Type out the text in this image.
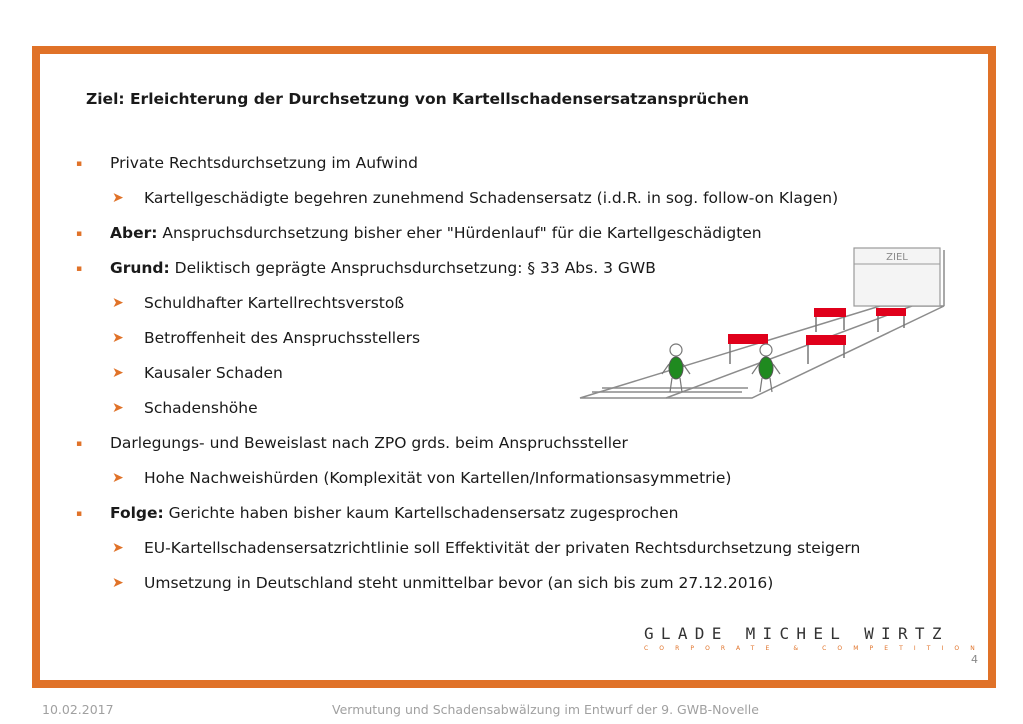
Ziel: Erleichterung der Durchsetzung von Kartellschadensersatzansprüchen
▪ Private Rechtsdurchsetzung im Aufwind
➤ Kartellgeschädigte begehren zunehmend Schadensersatz (i.d.R. in sog. follow-on Klagen)
▪ Aber: Anspruchsdurchsetzung bisher eher "Hürdenlauf" für die Kartellgeschädigten
▪ Grund: Deliktisch geprägte Anspruchsdurchsetzung: § 33 Abs. 3 GWB
➤ Schuldhafter Kartellrechtsverstoß
➤ Betroffenheit des Anspruchsstellers
➤ Kausaler Schaden
➤ Schadenshöhe
▪ Darlegungs- und Beweislast nach ZPO grds. beim Anspruchssteller
➤ Hohe Nachweishürden (Komplexität von Kartellen/Informationsasymmetrie)
▪ Folge: Gerichte haben bisher kaum Kartellschadensersatz zugesprochen
➤ EU-Kartellschadensersatzrichtlinie soll Effektivität der privaten Rechtsdurchsetzung steigern
➤ Umsetzung in Deutschland steht unmittelbar bevor (an sich bis zum 27.12.2016)
ZIEL
GLADE MICHEL WIRTZ
CORPORATE & COMPETITION
4
10.02.2017	Vermutung und Schadensabwälzung im Entwurf der 9. GWB-Novelle
